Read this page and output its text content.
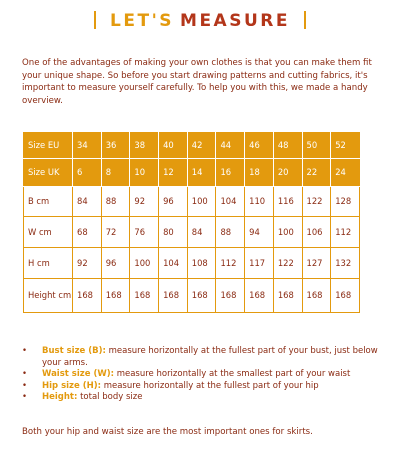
LET'S MEASURE

One of the advantages of making your own clothes is that you can make them fit your unique shape. So before you start drawing patterns and cutting fabrics, it's important to measure yourself carefully. To help you with this, we made a handy overview.

Size EU	34	36	38	40	42	44	46	48	50	52
Size UK	6	8	10	12	14	16	18	20	22	24
B cm	84	88	92	96	100	104	110	116	122	128
W cm	68	72	76	80	84	88	94	100	106	112
H cm	92	96	100	104	108	112	117	122	127	132
Height cm	168	168	168	168	168	168	168	168	168	168
• Bust size (B): measure horizontally at the fullest part of your bust, just below your arms.
• Waist size (W): measure horizontally at the smallest part of your waist
• Hip size (H): measure horizontally at the fullest part of your hip
• Height: total body size

Both your hip and waist size are the most important ones for skirts.
